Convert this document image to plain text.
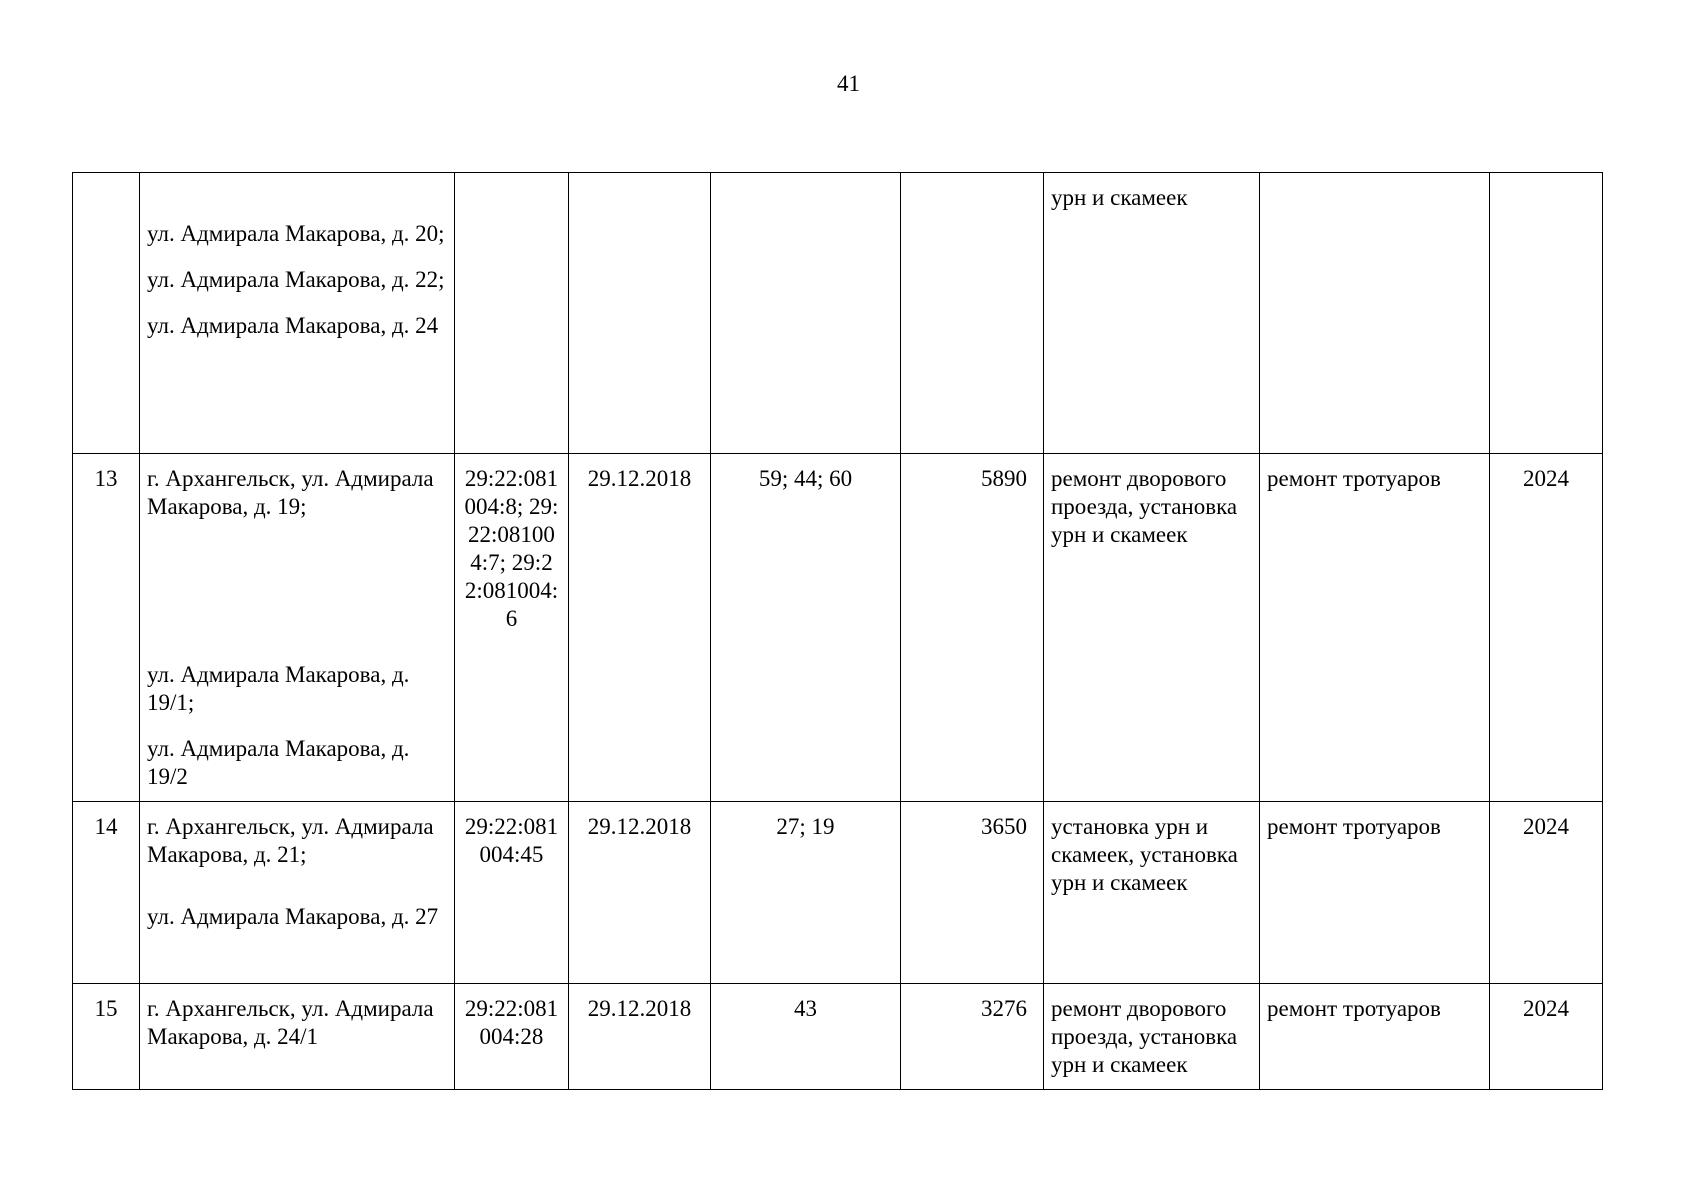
41

	ул. Адмирала Макарова, д. 20;
ул. Адмирала Макарова, д. 22;
ул. Адмирала Макарова, д. 24					урн и скамеек		
13	г. Архангельск, ул. Адмирала Макарова, д. 19;
ул. Адмирала Макарова, д. 19/1;
ул. Адмирала Макарова, д. 19/2	29:22:081004:8; 29:22:081004:7; 29:22:081004:6	29.12.2018	59; 44; 60	5890	ремонт дворового проезда, установка урн и скамеек	ремонт тротуаров	2024
14	г. Архангельск, ул. Адмирала Макарова, д. 21;
ул. Адмирала Макарова, д. 27	29:22:081004:45	29.12.2018	27; 19	3650	установка урн и скамеек, установка урн и скамеек	ремонт тротуаров	2024
15	г. Архангельск, ул. Адмирала Макарова, д. 24/1	29:22:081004:28	29.12.2018	43	3276	ремонт дворового проезда, установка урн и скамеек	ремонт тротуаров	2024
